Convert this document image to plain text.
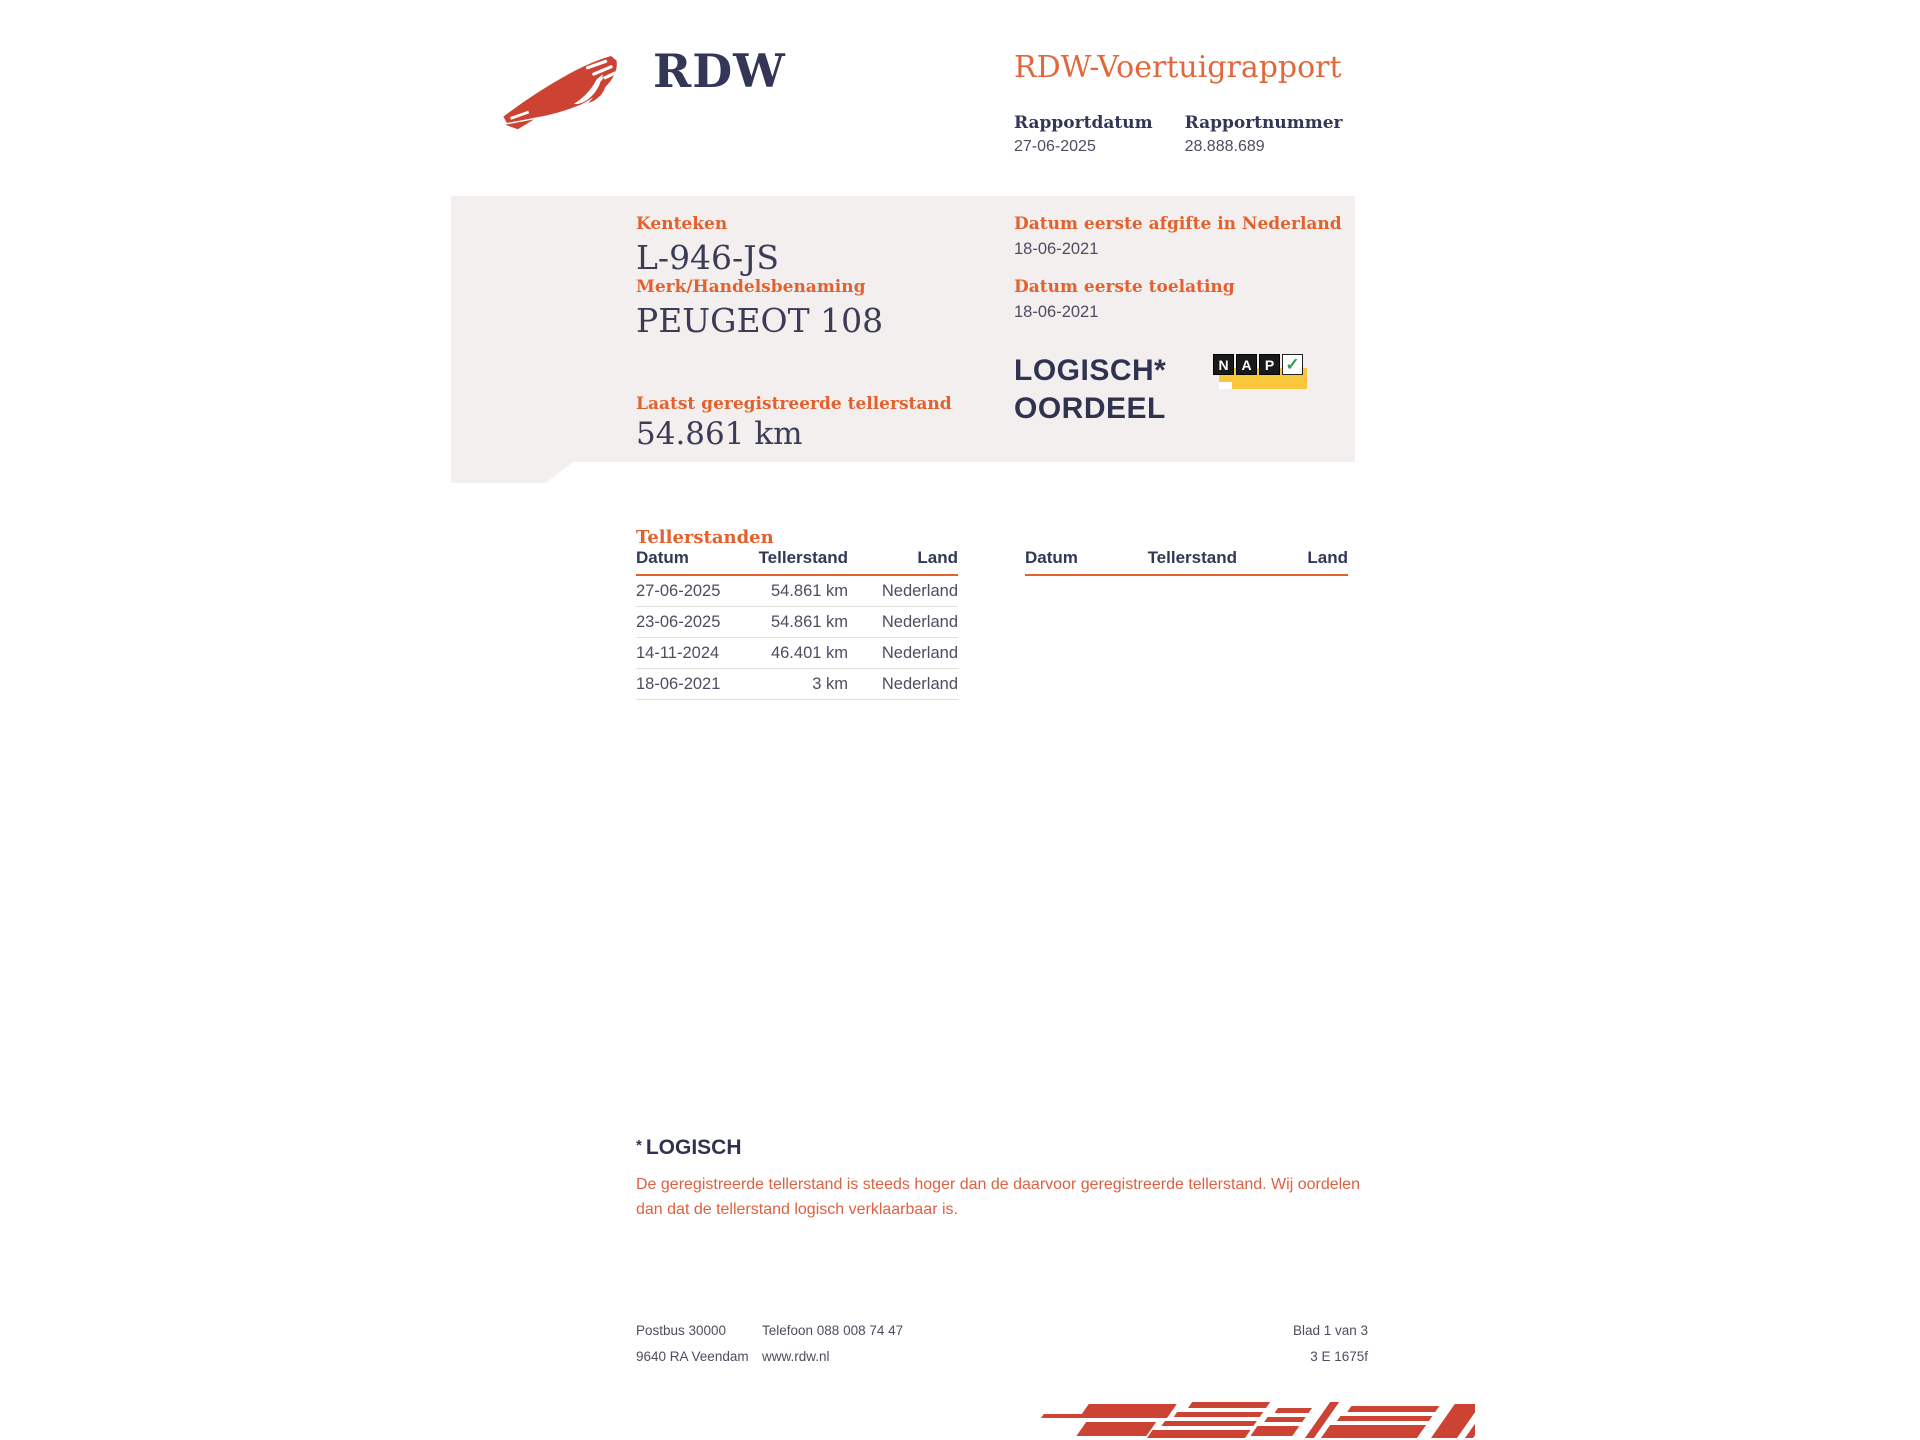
RDW	RDW-Voertuigrapport
Rapportdatum
27-06-2025
Rapportnummer
28.888.689
Kenteken
L-946-JS
Merk/Handelsbenaming
PEUGEOT 108
Datum eerste afgifte in Nederland
18-06-2021
Datum eerste toelating
18-06-2021
Laatst geregistreerde tellerstand
54.861 km
LOGISCH*
OORDEEL
N A P ✓
Tellerstanden
Datum	Tellerstand	Land
27-06-2025	54.861 km	Nederland
23-06-2025	54.861 km	Nederland
14-11-2024	46.401 km	Nederland
18-06-2021	3 km	Nederland
Datum	Tellerstand	Land
* LOGISCH
De geregistreerde tellerstand is steeds hoger dan de daarvoor geregistreerde tellerstand. Wij oordelen dan dat de tellerstand logisch verklaarbaar is.
Postbus 30000
9640 RA Veendam
Telefoon 088 008 74 47
www.rdw.nl
Blad 1 van 3
3 E 1675f
